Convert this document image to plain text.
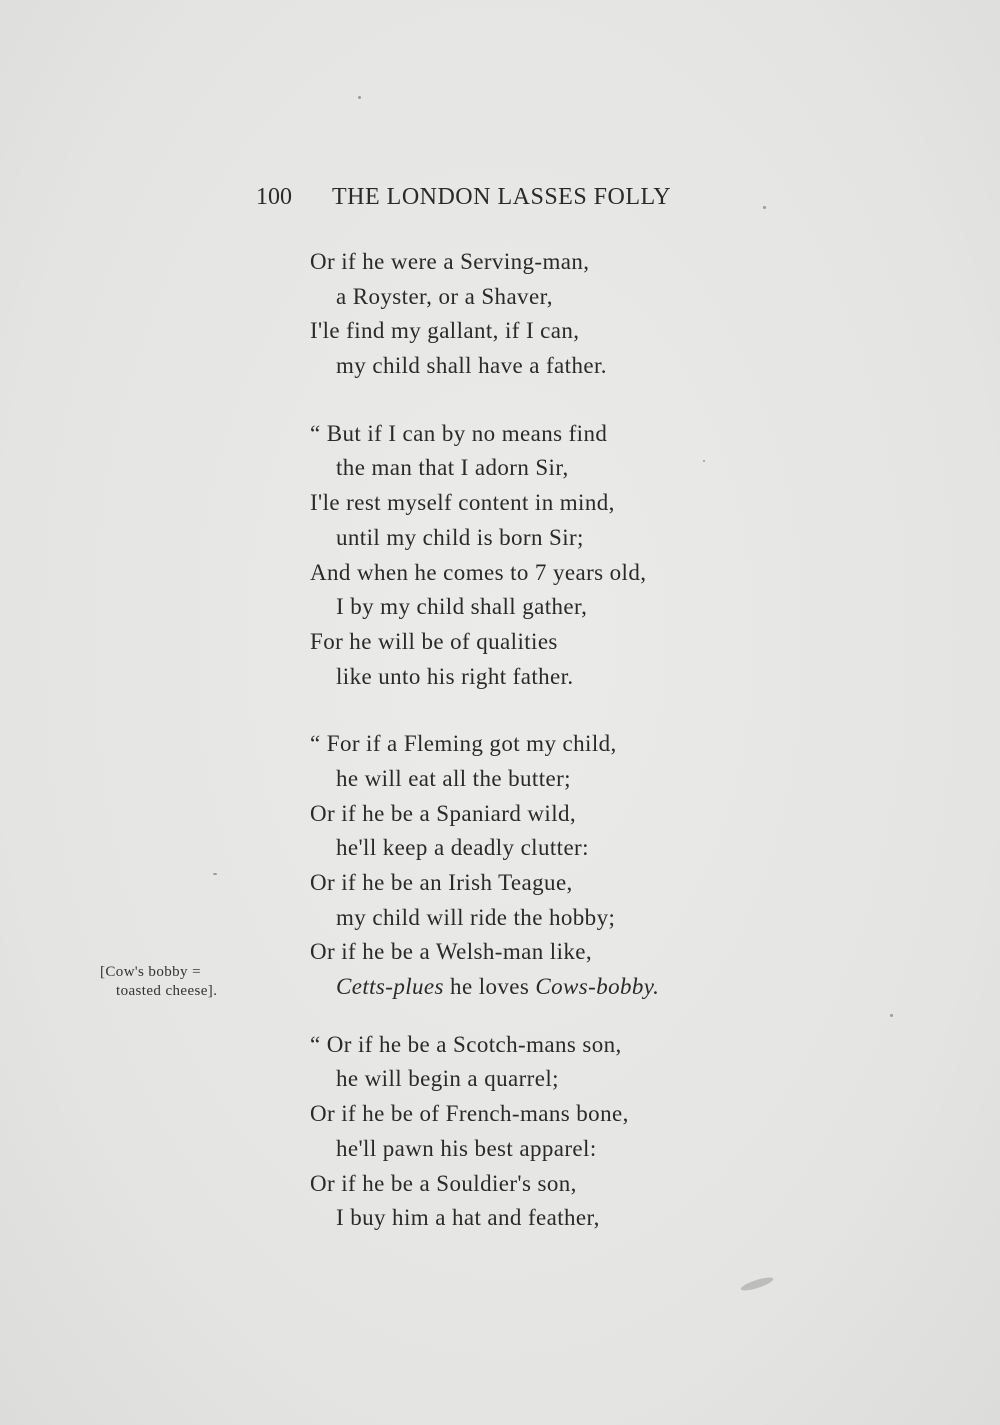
100 THE LONDON LASSES FOLLY
Or if he were a Serving-man,
a Royster, or a Shaver,
I'le find my gallant, if I can,
my child shall have a father.
“ But if I can by no means find
the man that I adorn Sir,
I'le rest myself content in mind,
until my child is born Sir;
And when he comes to 7 years old,
I by my child shall gather,
For he will be of qualities
like unto his right father.
“ For if a Fleming got my child,
he will eat all the butter;
Or if he be a Spaniard wild,
he'll keep a deadly clutter:
Or if he be an Irish Teague,
my child will ride the hobby;
Or if he be a Welsh-man like,
Cetts-plues he loves Cows-bobby.
“ Or if he be a Scotch-mans son,
he will begin a quarrel;
Or if he be of French-mans bone,
he'll pawn his best apparel:
Or if he be a Souldier's son,
I buy him a hat and feather,
[Cow's bobby =
toasted cheese].
